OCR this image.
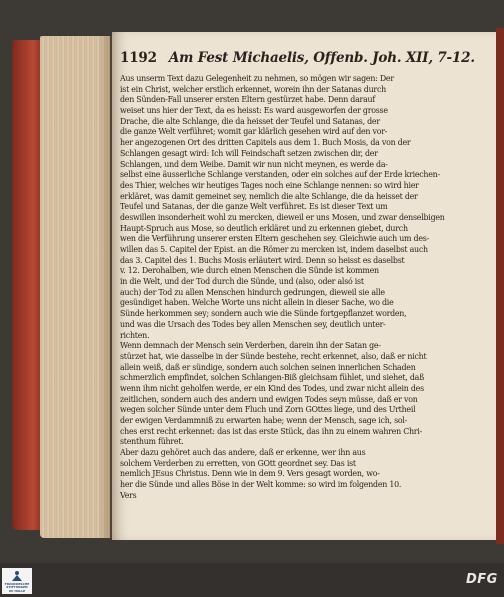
1192 Am Fest Michaelis, Offenb. Joh. XII, 7-12.
Aus unserm Text dazu Gelegenheit zu nehmen, so mögen wir sagen: Der
ist ein Christ, welcher erstlich erkennet, worein ihn der Satanas durch
den Sünden-Fall unserer ersten Eltern gestürzet habe. Denn darauf
weiset uns hier der Text, da es heisst: Es ward ausgeworfen der grosse
Drache, die alte Schlange, die da heisset der Teufel und Satanas, der
die ganze Welt verführet; womit gar klärlich gesehen wird auf den vor-
her angezogenen Ort des dritten Capitels aus dem 1. Buch Mosis, da von der
Schlangen gesagt wird: Ich will Feindschaft setzen zwischen dir, der
Schlangen, und dem Weibe. Damit wir nun nicht meynen, es werde da-
selbst eine äusserliche Schlange verstanden, oder ein solches auf der Erde kriechen-
des Thier, welches wir heutiges Tages noch eine Schlange nennen: so wird hier
erkläret, was damit gemeinet sey, nemlich die alte Schlange, die da heisset der
Teufel und Satanas, der die ganze Welt verführet. Es ist dieser Text um
deswillen insonderheit wohl zu mercken, dieweil er uns Mosen, und zwar denselbigen
Haupt-Spruch aus Mose, so deutlich erkläret und zu erkennen giebet, durch
wen die Verführung unserer ersten Eltern geschehen sey. Gleichwie auch um des-
willen das 5. Capitel der Epist. an die Römer zu mercken ist, indem daselbst auch
das 3. Capitel des 1. Buchs Mosis erläutert wird. Denn so heisst es daselbst
v. 12. Derohalben, wie durch einen Menschen die Sünde ist kommen
in die Welt, und der Tod durch die Sünde, und (also, oder alsó ist
auch) der Tod zu allen Menschen hindurch gedrungen, dieweil sie alle
gesündiget haben. Welche Worte uns nicht allein in dieser Sache, wo die
Sünde herkommen sey; sondern auch wie die Sünde fortgepflanzet worden,
und was die Ursach des Todes bey allen Menschen sey, deutlich unter-
richten.
Wenn demnach der Mensch sein Verderben, darein ihn der Satan ge-
stürzet hat, wie dasselbe in der Sünde bestehe, recht erkennet, also, daß er nicht
allein weiß, daß er sündige, sondern auch solchen seinen innerlichen Schaden
schmerzlich empfindet, solchen Schlangen-Biß gleichsam fühlet, und siehet, daß
wenn ihm nicht geholfen werde, er ein Kind des Todes, und zwar nicht allein des
zeitlichen, sondern auch des andern und ewigen Todes seyn müsse, daß er von
wegen solcher Sünde unter dem Fluch und Zorn GOttes liege, und des Urtheil
der ewigen Verdammniß zu erwarten habe; wenn der Mensch, sage ich, sol-
ches erst recht erkennet: das ist das erste Stück, das ihn zu einem wahren Chri-
stenthum führet.
Aber dazu gehöret auch das andere, daß er erkenne, wer ihn aus
solchem Verderben zu erretten, von GOtt geordnet sey. Das ist
nemlich JEsus Christus. Denn wie in dem 9. Vers gesagt worden, wo-
her die Sünde und alles Böse in der Welt komme: so wird im folgenden 10.
Vers
FRANCKESCHE
STIFTUNGEN
ZU HALLE
DFG
